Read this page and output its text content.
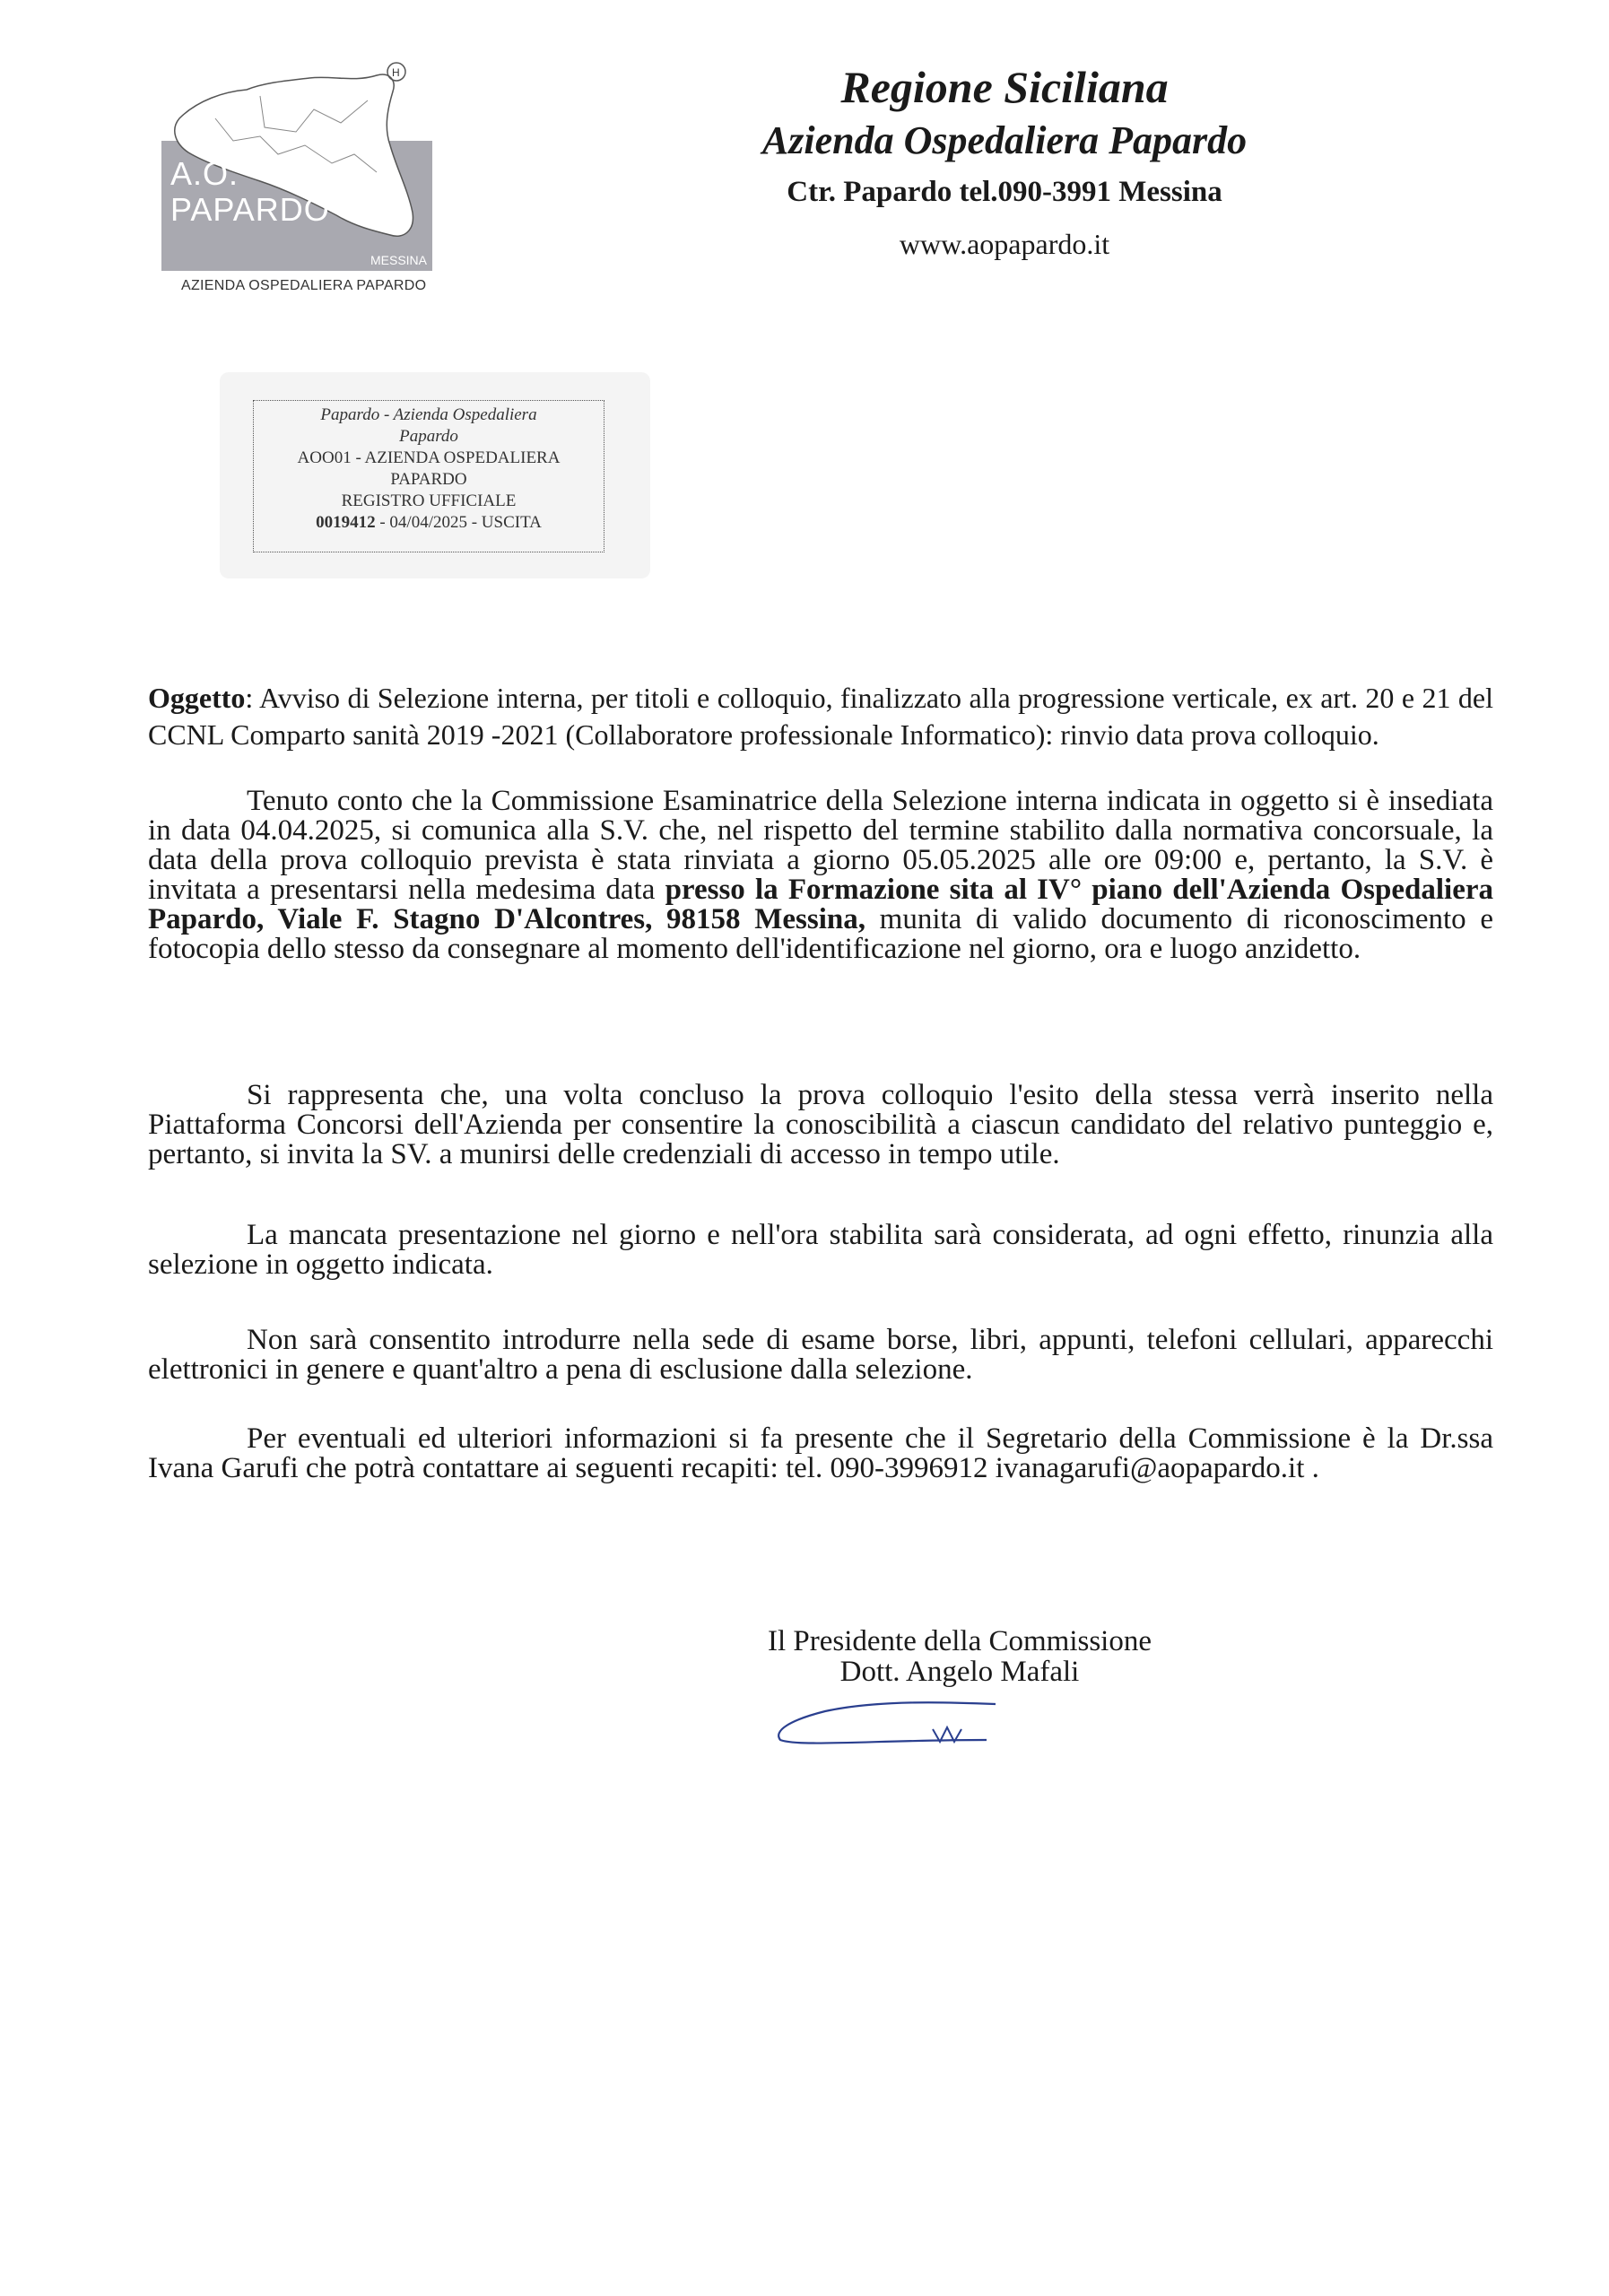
H
A.O.
PAPARDO
MESSINA
AZIENDA OSPEDALIERA PAPARDO
Regione Siciliana
Azienda Ospedaliera Papardo
Ctr. Papardo tel.090-3991 Messina
www.aopapardo.it
Papardo - Azienda Ospedaliera
Papardo
AOO01 - AZIENDA OSPEDALIERA
PAPARDO
REGISTRO UFFICIALE
0019412 - 04/04/2025 - USCITA
Oggetto: Avviso di Selezione interna, per titoli e colloquio, finalizzato alla progressione verticale, ex art. 20 e 21 del CCNL Comparto sanità 2019 -2021 (Collaboratore professionale Informatico): rinvio data prova colloquio.
Tenuto conto che la Commissione Esaminatrice della Selezione interna indicata in oggetto si è insediata in data 04.04.2025, si comunica alla S.V. che, nel rispetto del termine stabilito dalla normativa concorsuale, la data della prova colloquio prevista è stata rinviata a giorno 05.05.2025 alle ore 09:00 e, pertanto, la S.V. è invitata a presentarsi nella medesima data presso la Formazione sita al IV° piano dell'Azienda Ospedaliera Papardo, Viale F. Stagno D'Alcontres, 98158 Messina, munita di valido documento di riconoscimento e fotocopia dello stesso da consegnare al momento dell'identificazione nel giorno, ora e luogo anzidetto.
Si rappresenta che, una volta concluso la prova colloquio l'esito della stessa verrà inserito nella Piattaforma Concorsi dell'Azienda per consentire la conoscibilità a ciascun candidato del relativo punteggio e, pertanto, si invita la SV. a munirsi delle credenziali di accesso in tempo utile.
La mancata presentazione nel giorno e nell'ora stabilita sarà considerata, ad ogni effetto, rinunzia alla selezione in oggetto indicata.
Non sarà consentito introdurre nella sede di esame borse, libri, appunti, telefoni cellulari, apparecchi elettronici in genere e quant'altro a pena di esclusione dalla selezione.
Per eventuali ed ulteriori informazioni si fa presente che il Segretario della Commissione è la Dr.ssa Ivana Garufi che potrà contattare ai seguenti recapiti: tel. 090-3996912 ivanagarufi@aopapardo.it .
Il Presidente della Commissione
Dott. Angelo Mafali
